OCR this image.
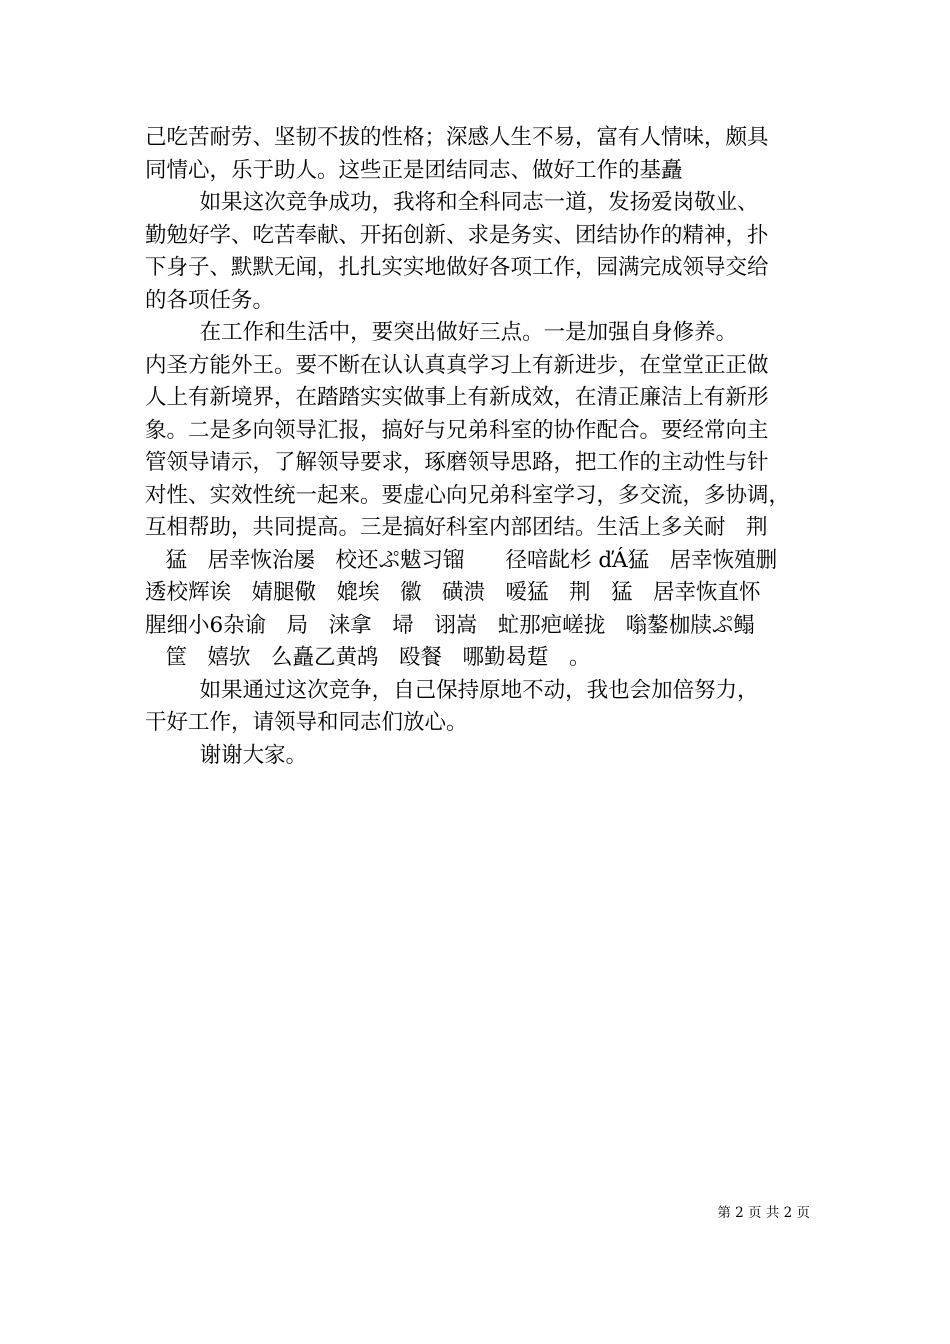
己吃苦耐劳、坚韧不拔的性格；深感人生不易，富有人情味，颇具
同情心，乐于助人。这些正是团结同志、做好工作的基矗
如果这次竞争成功，我将和全科同志一道，发扬爱岗敬业、
勤勉好学、吃苦奉献、开拓创新、求是务实、团结协作的精神，扑
下身子、默默无闻，扎扎实实地做好各项工作，园满完成领导交给
的各项任务。
在工作和生活中，要突出做好三点。一是加强自身修养。
内圣方能外王。要不断在认认真真学习上有新进步，在堂堂正正做
人上有新境界，在踏踏实实做事上有新成效，在清正廉洁上有新形
象。二是多向领导汇报，搞好与兄弟科室的协作配合。要经常向主
管领导请示，了解领导要求，琢磨领导思路，把工作的主动性与针
对性、实效性统一起来。要虚心向兄弟科室学习，多交流，多协调，
互相帮助，共同提高。三是搞好科室内部团结。生活上多关耐   荆
猛   居幸恢治屡   校还ぷ魃习镏      径喑龀杉 ďÁ猛   居幸恢殖删
透校辉诶   婧腿儆   媲埃   徽   磺溃   嗳猛   荆   猛   居幸恢直怀
腥细小6杂谕   局   涞拿   埽   诩嵩   虻那疤嵯拢   嗡鏊枷牍ぷ鳎
筐   嬉欤   么矗乙黄鸪   殴餐   哪勤曷踅   。
如果通过这次竞争，自己保持原地不动，我也会加倍努力，
干好工作，请领导和同志们放心。
谢谢大家。
第 2 页 共 2 页
